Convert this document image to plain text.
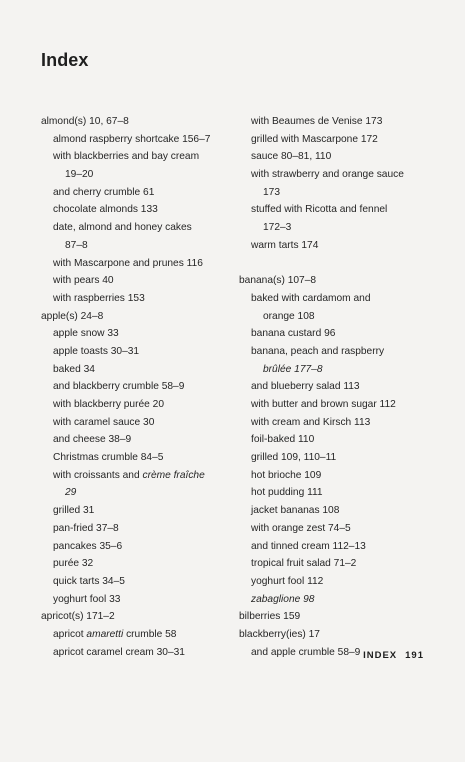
Index
almond(s) 10, 67–8
almond raspberry shortcake 156–7
with blackberries and bay cream
19–20
and cherry crumble 61
chocolate almonds 133
date, almond and honey cakes
87–8
with Mascarpone and prunes 116
with pears 40
with raspberries 153
apple(s) 24–8
apple snow 33
apple toasts 30–31
baked 34
and blackberry crumble 58–9
with blackberry purée 20
with caramel sauce 30
and cheese 38–9
Christmas crumble 84–5
with croissants and crème fraîche
29
grilled 31
pan-fried 37–8
pancakes 35–6
purée 32
quick tarts 34–5
yoghurt fool 33
apricot(s) 171–2
apricot amaretti crumble 58
apricot caramel cream 30–31
with Beaumes de Venise 173
grilled with Mascarpone 172
sauce 80–81, 110
with strawberry and orange sauce
173
stuffed with Ricotta and fennel
172–3
warm tarts 174
banana(s) 107–8
baked with cardamom and
orange 108
banana custard 96
banana, peach and raspberry
brûlée 177–8
and blueberry salad 113
with butter and brown sugar 112
with cream and Kirsch 113
foil-baked 110
grilled 109, 110–11
hot brioche 109
hot pudding 111
jacket bananas 108
with orange zest 74–5
and tinned cream 112–13
tropical fruit salad 71–2
yoghurt fool 112
zabaglione 98
bilberries 159
blackberry(ies) 17
and apple crumble 58–9 INDEX 191
